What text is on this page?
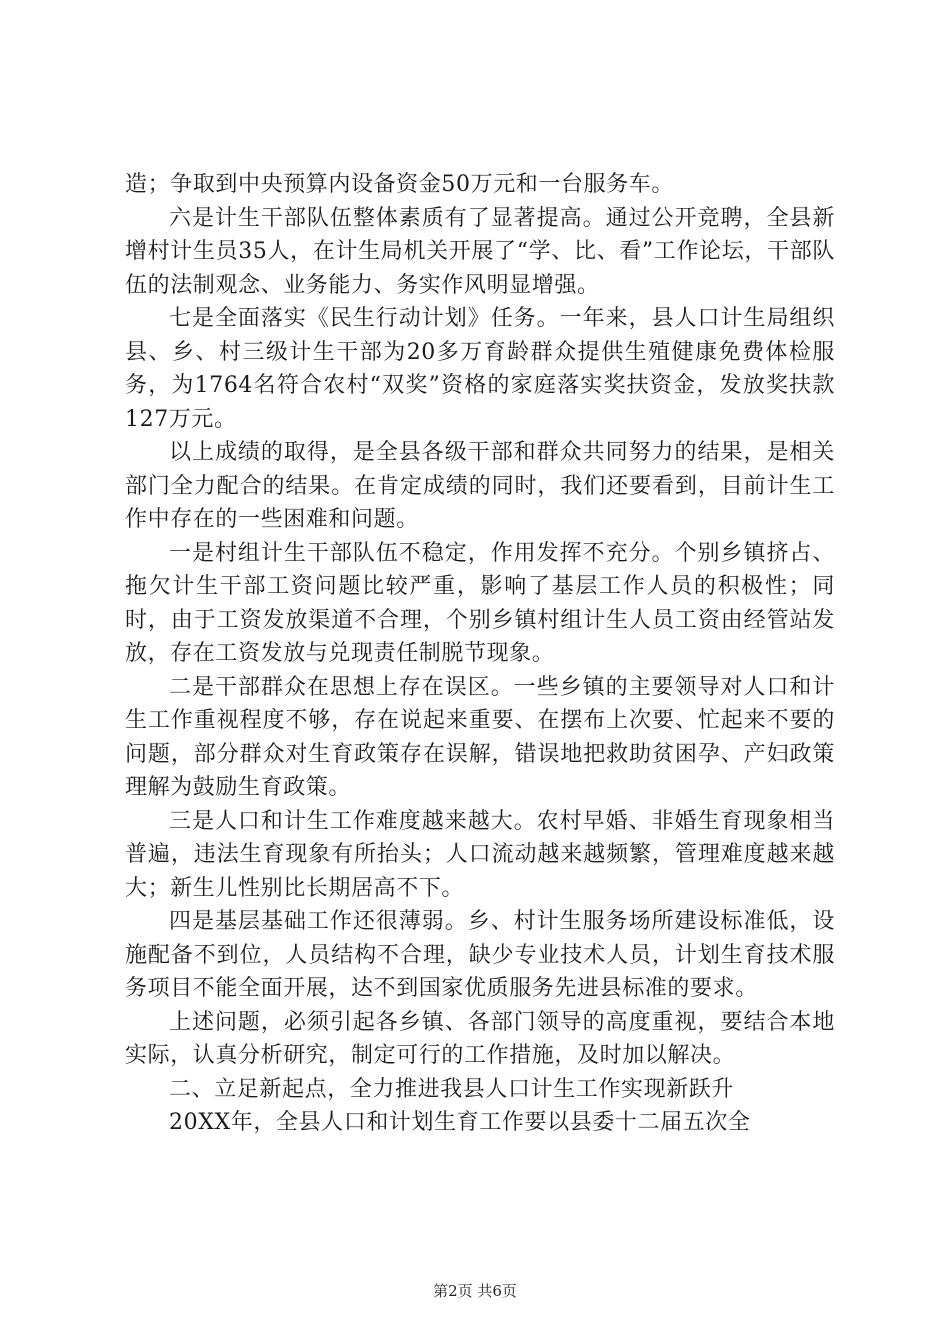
造；争取到中央预算内设备资金50万元和一台服务车。

六是计生干部队伍整体素质有了显著提高。通过公开竞聘，全县新增村计生员35人，在计生局机关开展了“学、比、看”工作论坛，干部队伍的法制观念、业务能力、务实作风明显增强。

七是全面落实《民生行动计划》任务。一年来，县人口计生局组织县、乡、村三级计生干部为20多万育龄群众提供生殖健康免费体检服务，为1764名符合农村“双奖”资格的家庭落实奖扶资金，发放奖扶款127万元。

以上成绩的取得，是全县各级干部和群众共同努力的结果，是相关部门全力配合的结果。在肯定成绩的同时，我们还要看到，目前计生工作中存在的一些困难和问题。

一是村组计生干部队伍不稳定，作用发挥不充分。个别乡镇挤占、拖欠计生干部工资问题比较严重，影响了基层工作人员的积极性；同时，由于工资发放渠道不合理，个别乡镇村组计生人员工资由经管站发放，存在工资发放与兑现责任制脱节现象。

二是干部群众在思想上存在误区。一些乡镇的主要领导对人口和计生工作重视程度不够，存在说起来重要、在摆布上次要、忙起来不要的问题，部分群众对生育政策存在误解，错误地把救助贫困孕、产妇政策理解为鼓励生育政策。

三是人口和计生工作难度越来越大。农村早婚、非婚生育现象相当普遍，违法生育现象有所抬头；人口流动越来越频繁，管理难度越来越大；新生儿性别比长期居高不下。

四是基层基础工作还很薄弱。乡、村计生服务场所建设标准低，设施配备不到位，人员结构不合理，缺少专业技术人员，计划生育技术服务项目不能全面开展，达不到国家优质服务先进县标准的要求。

上述问题，必须引起各乡镇、各部门领导的高度重视，要结合本地实际，认真分析研究，制定可行的工作措施，及时加以解决。

二、立足新起点，全力推进我县人口计生工作实现新跃升

20XX年，全县人口和计划生育工作要以县委十二届五次全

第2页 共6页
